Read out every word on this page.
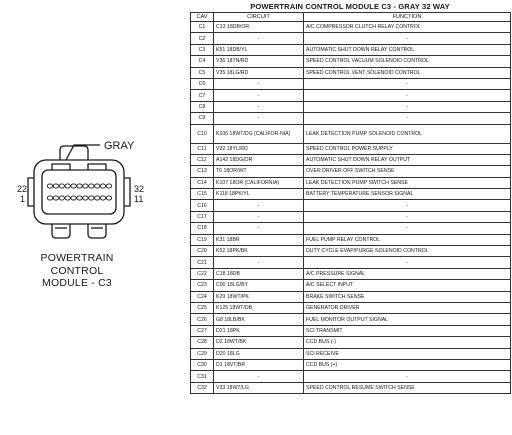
GRAY
22
1
32
11
POWERTRAIN
CONTROL
MODULE - C3
POWERTRAIN CONTROL MODULE C3 - GRAY 32 WAY
CAV	CIRCUIT	FUNCTION
C1	C13 18DB/OR	A/C COMPRESSOR CLUTCH RELAY CONTROL
C2	-	-
C3	K51 18DB/YL	AUTOMATIC SHUT DOWN RELAY CONTROL
C4	V36 18TN/RD	SPEED CONTROL VACUUM SOLENOID CONTROL
C5	V35 18LG/RD	SPEED CONTROL VENT SOLENOID CONTROL
C6	-	-
C7	-	-
C8	-	-
C9	-	-
C10	K106 18WT/DG (CALIFOR-NIA)	LEAK DETECTION PUMP SOLENOID CONTROL
C11	V32 18YL/RD	SPEED CONTROL POWER SUPPLY
C12	A142 18DG/OR	AUTOMATIC SHUT DOWN RELAY OUTPUT
C13	T6 18OR/WT	OVER DRIVER OFF SWITCH SENSE
C14	K107 18OR (CALIFORNIA)	LEAK DETECTION PUMP SWITCH SENSE
C15	K118 18PK/YL	BATTERY TEMPERATURE SENSOR SIGNAL
C16	-	-
C17	-	-
C18	-	-
C19	K31 18BR	FUEL PUMP RELAY CONTROL
C20	K52 18PK/BK	DUTY CYCLE EVAP/PURGE SOLENOID CONTROL
C21	-	-
C22	C18 18DB	A/C PRESSURE SIGNAL
C23	C90 18LG/BY	A/C SELECT INPUT
C24	K29 18WT/PK	BRAKE SWITCH SENSE
C25	K125 18WT/DB	GENERATOR DRIVER
C26	G8 18LB/BK	FUEL MONITOR OUTPUT SIGNAL
C27	D21 18PK	SCI TRANSMIT
C28	D2 18WT/BK	CCD BUS (-)
C29	D20 18LG	SCI RECEIVE
C30	D1 18VT/BR	CCD BUS (+)
C31	-	-
C32	V33 18WT/LG	SPEED CONTROL RESUME SWITCH SENSE
